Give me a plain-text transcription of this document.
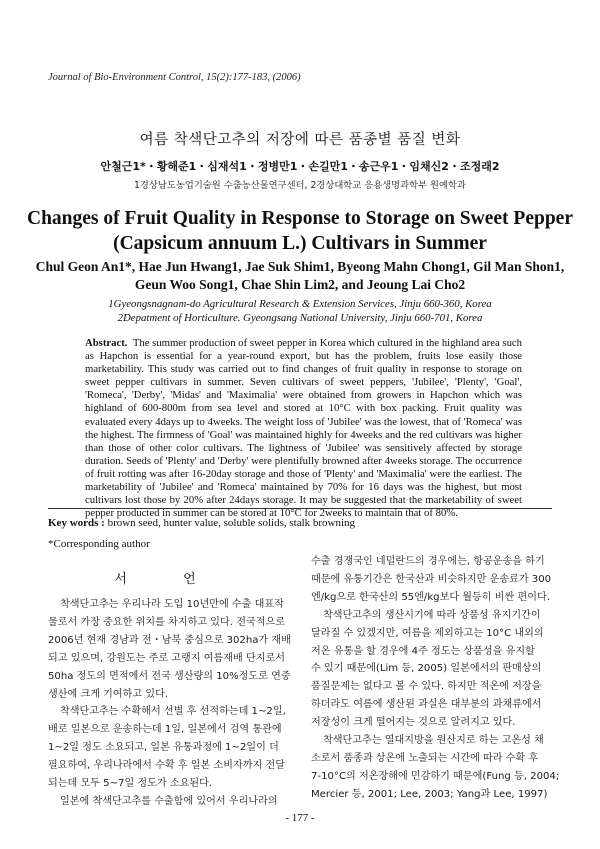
Journal of Bio-Environment Control, 15(2):177-183, (2006)
여름 착색단고추의 저장에 따른 품종별 품질 변화
안철근1*・황해준1・심재석1・정병만1・손길만1・송근우1・임채신2・조정래2
1경상남도농업기술원 수출농산물연구센터, 2경상대학교 응용생명과학부 원예학과
Changes of Fruit Quality in Response to Storage on Sweet Pepper
(Capsicum annuum L.) Cultivars in Summer
Chul Geon An1*, Hae Jun Hwang1, Jae Suk Shim1, Byeong Mahn Chong1, Gil Man Shon1,
Geun Woo Song1, Chae Shin Lim2, and Jeoung Lai Cho2
1Gyeongsnagnam-do Agricultural Research & Extension Services, Jinju 660-360, Korea
2Depatment of Horticulture. Gyeongsang National University, Jinju 660-701, Korea
Abstract. The summer production of sweet pepper in Korea which cultured in the highland area such as Hapchon is essential for a year-round export, but has the problem, fruits lose easily those marketability. This study was carried out to find changes of fruit quality in response to storage on sweet pepper cultivars in summer. Seven cultivars of sweet peppers, 'Jubilee', 'Plenty', 'Goal', 'Romeca', 'Derby', 'Midas' and 'Maximalia' were obtained from growers in Hapchon which was highland of 600-800m from sea level and stored at 10°C with box packing. Fruit quality was evaluated every 4days up to 4weeks. The weight loss of 'Jubilee' was the lowest, that of 'Romeca' was the highest. The firmness of 'Goal' was maintained highly for 4weeks and the red cultivars was higher than those of other color cultivars. The lightness of 'Jubilee' was sensitively affected by storage duration. Seeds of 'Plenty' and 'Derby' were plentifully browned after 4weeks storage. The occurrence of fruit rotting was after 16-20day storage and those of 'Plenty' and 'Maximalia' were the earliest. The marketability of 'Jubilee' and 'Romeca' maintained by 70% for 16 days was the highest, but most cultivars lost those by 20% after 24days storage. It may be suggested that the marketability of sweet pepper producted in summer can be stored at 10°C for 2weeks to maintain that of 80%.
Key words : brown seed, hunter value, soluble solids, stalk browning
*Corresponding author
서 언
착색단고추는 우리나라 도입 10년만에 수출 대표작
물로서 가장 중요한 위치를 차지하고 있다. 전국적으로
2006년 현재 경남과 전・남북 중심으로 302ha가 재배
되고 있으며, 강원도는 주로 고랭지 여름재배 단지로서
50ha 정도의 면적에서 전국 생산량의 10%정도로 연중
생산에 크게 기여하고 있다.
착색단고추는 수확해서 선별 후 선적하는데 1~2일,
배로 일본으로 운송하는데 1일, 일본에서 검역 통관에
1~2일 정도 소요되고, 일본 유통과정에 1~2일이 더
필요하여, 우리나라에서 수확 후 일본 소비자까지 전달
되는데 모두 5~7일 정도가 소요된다.
일본에 착색단고추를 수출함에 있어서 우리나라의
수출 경쟁국인 네덜란드의 경우에는, 항공운송을 하기
때문에 유통기간은 한국산과 비슷하지만 운송료가 300
엔/kg으로 한국산의 55엔/kg보다 월등히 비싼 편이다.
착색단고추의 생산시기에 따라 상품성 유지기간이
달라질 수 있겠지만, 여름을 제외하고는 10°C 내외의
저온 유통을 할 경우에 4주 정도는 상품성을 유지할
수 있기 때문에(Lim 등, 2005) 일본에서의 판매상의
품질문제는 없다고 볼 수 있다. 하지만 적온에 저장을
하더라도 여름에 생산된 과실은 대부분의 과채류에서
저장성이 크게 떨어지는 것으로 알려지고 있다.
착색단고추는 열대지방을 원산지로 하는 고온성 채
소로서 품종과 상온에 노출되는 시간에 따라 수확 후
7-10°C의 저온장해에 민감하기 때문에(Fung 등, 2004;
Mercier 등, 2001; Lee, 2003; Yang과 Lee, 1997)
- 177 -
